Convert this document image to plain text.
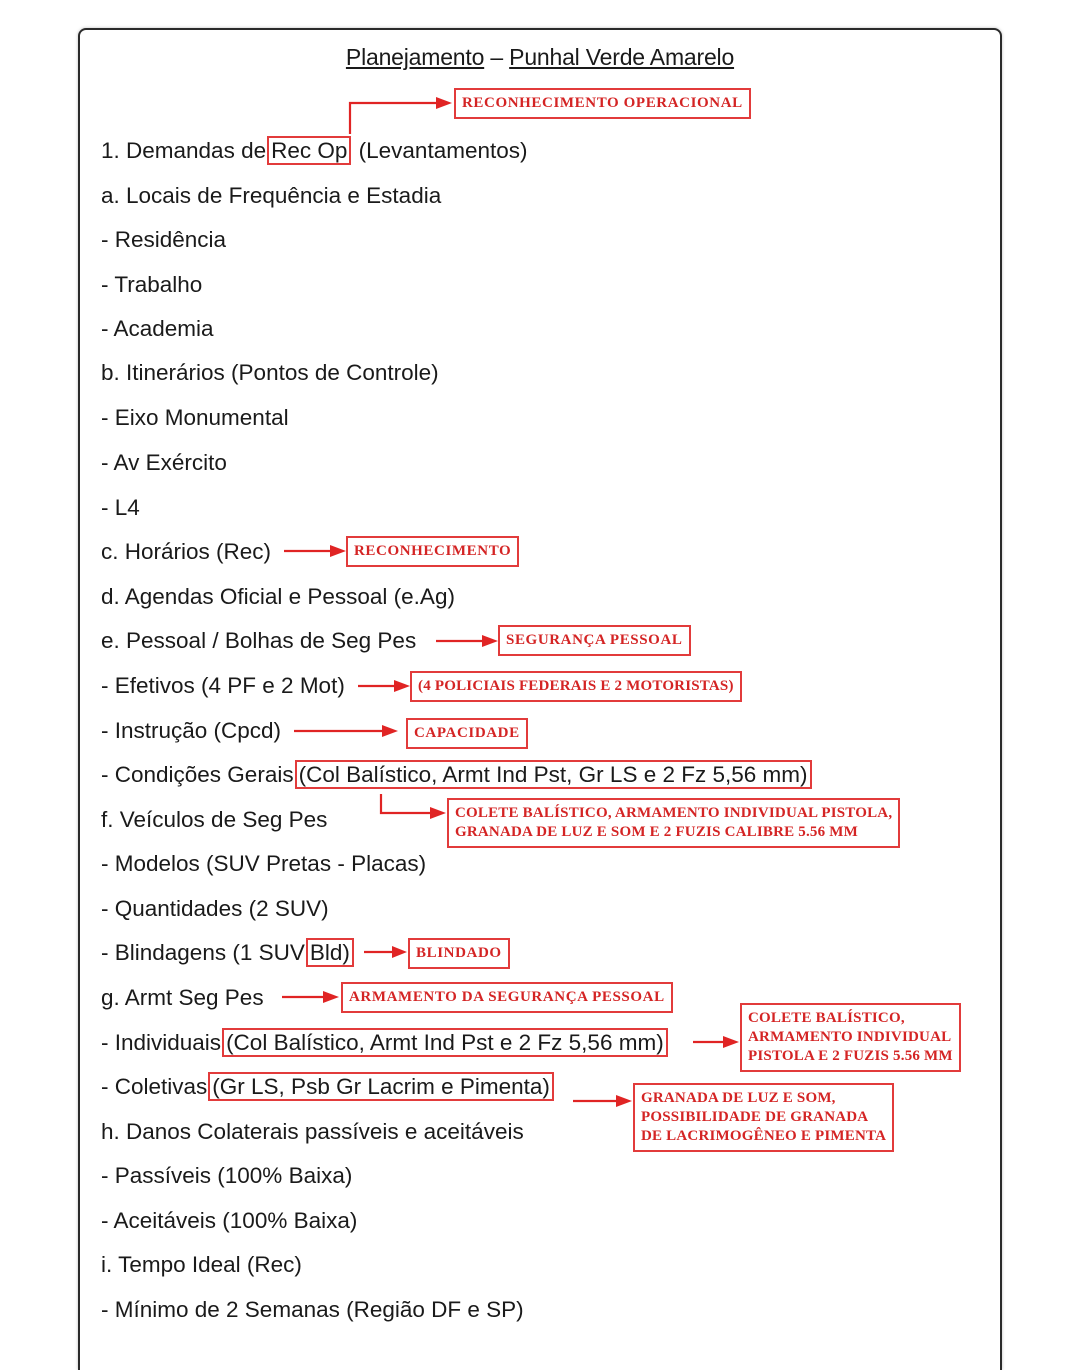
Planejamento – Punhal Verde Amarelo
1. Demandas de Rec Op (Levantamentos)
a. Locais de Frequência e Estadia
- Residência
- Trabalho
- Academia
b. Itinerários (Pontos de Controle)
- Eixo Monumental
- Av Exército
- L4
c. Horários (Rec)
d. Agendas Oficial e Pessoal (e.Ag)
e. Pessoal / Bolhas de Seg Pes
- Efetivos (4 PF e 2 Mot)
- Instrução (Cpcd)
- Condições Gerais (Col Balístico, Armt Ind Pst, Gr LS e 2 Fz 5,56 mm)
f. Veículos de Seg Pes
- Modelos (SUV Pretas - Placas)
- Quantidades (2 SUV)
- Blindagens (1 SUV Bld)
g. Armt Seg Pes
- Individuais (Col Balístico, Armt Ind Pst e 2 Fz 5,56 mm)
- Coletivas (Gr LS, Psb Gr Lacrim e Pimenta)
h. Danos Colaterais passíveis e aceitáveis
- Passíveis (100% Baixa)
- Aceitáveis (100% Baixa)
i. Tempo Ideal (Rec)
- Mínimo de 2 Semanas (Região DF e SP)
RECONHECIMENTO OPERACIONAL
RECONHECIMENTO
SEGURANÇA PESSOAL
(4 POLICIAIS FEDERAIS E 2 MOTORISTAS)
CAPACIDADE
COLETE BALÍSTICO, ARMAMENTO INDIVIDUAL PISTOLA,
GRANADA DE LUZ E SOM E 2 FUZIS CALIBRE 5.56 MM
BLINDADO
ARMAMENTO DA SEGURANÇA PESSOAL
COLETE BALÍSTICO,
ARMAMENTO INDIVIDUAL
PISTOLA E 2 FUZIS 5.56 MM
GRANADA DE LUZ E SOM,
POSSIBILIDADE DE GRANADA
DE LACRIMOGÊNEO E PIMENTA
